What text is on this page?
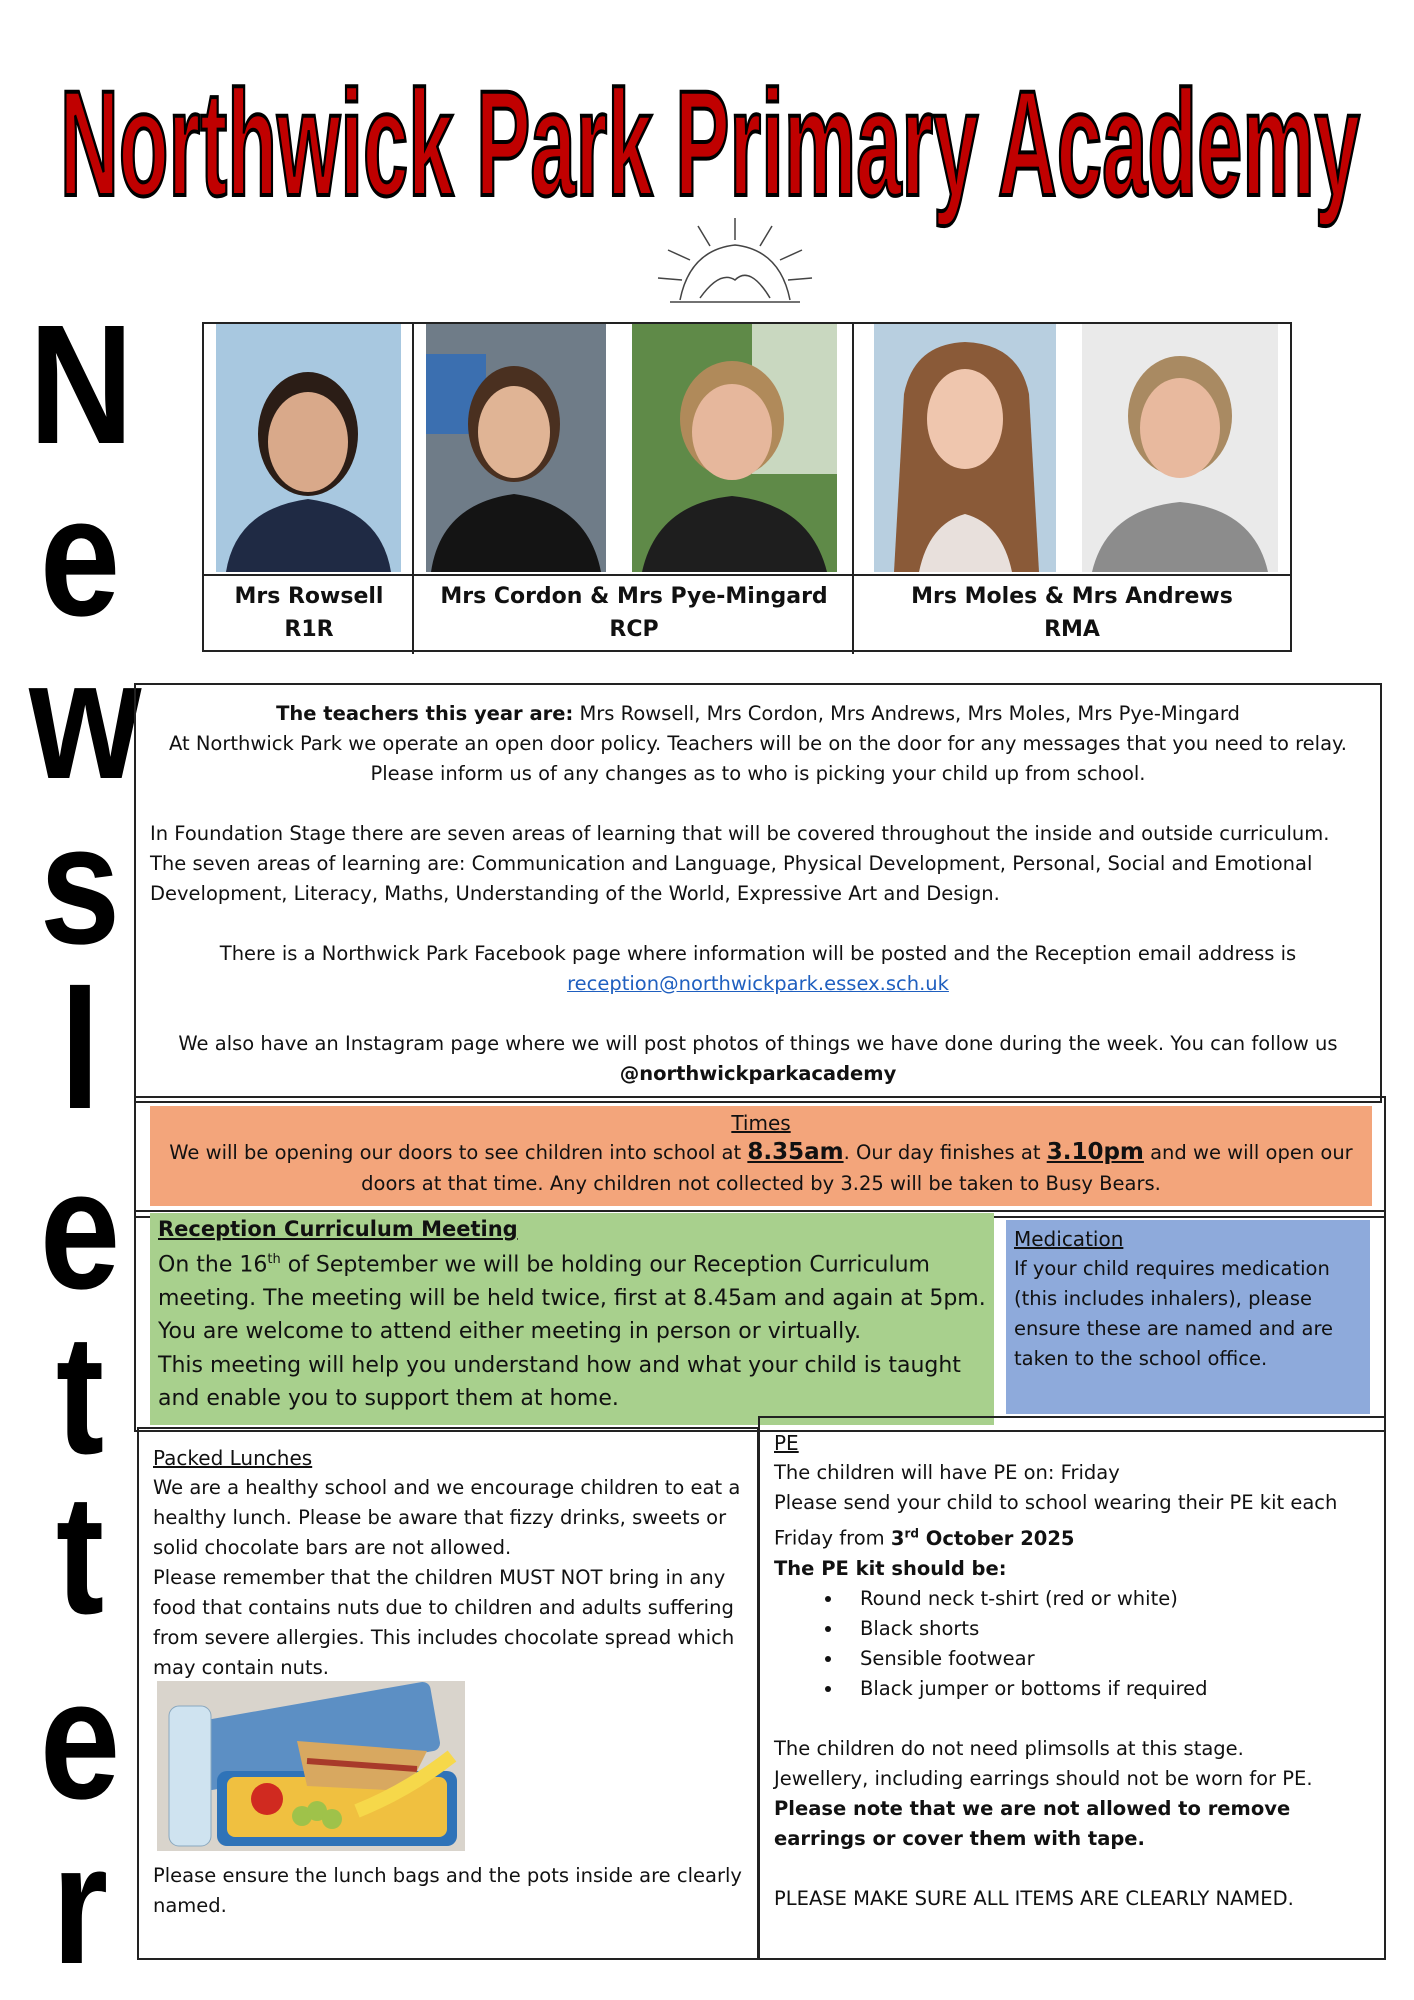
Northwick Park Primary Academy
N
e
w
s
l
e
t
t
e
r
Mrs Rowsell
R1R
Mrs Cordon & Mrs Pye-Mingard
RCP
Mrs Moles & Mrs Andrews
RMA

The teachers this year are: Mrs Rowsell, Mrs Cordon, Mrs Andrews, Mrs Moles, Mrs Pye-Mingard

At Northwick Park we operate an open door policy. Teachers will be on the door for any messages that you need to relay. Please inform us of any changes as to who is picking your child up from school.

In Foundation Stage there are seven areas of learning that will be covered throughout the inside and outside curriculum. The seven areas of learning are: Communication and Language, Physical Development, Personal, Social and Emotional Development, Literacy, Maths, Understanding of the World, Expressive Art and Design.

There is a Northwick Park Facebook page where information will be posted and the Reception email address is

reception@northwickpark.essex.sch.uk

We also have an Instagram page where we will post photos of things we have done during the week. You can follow us

@northwickparkacademy

Times
We will be opening our doors to see children into school at 8.35am. Our day finishes at 3.10pm and we will open our doors at that time. Any children not collected by 3.25 will be taken to Busy Bears.
Reception Curriculum Meeting
On the 16th of September we will be holding our Reception Curriculum meeting. The meeting will be held twice, first at 8.45am and again at 5pm. You are welcome to attend either meeting in person or virtually.
This meeting will help you understand how and what your child is taught and enable you to support them at home.
Medication
If your child requires medication (this includes inhalers), please ensure these are named and are taken to the school office.
Packed Lunches
We are a healthy school and we encourage children to eat a healthy lunch. Please be aware that fizzy drinks, sweets or solid chocolate bars are not allowed.
Please remember that the children MUST NOT bring in any food that contains nuts due to children and adults suffering from severe allergies. This includes chocolate spread which may contain nuts.
Please ensure the lunch bags and the pots inside are clearly named.
PE
The children will have PE on: Friday
Please send your child to school wearing their PE kit each Friday from 3rd October 2025
The PE kit should be:
• Round neck t-shirt (red or white)
• Black shorts
• Sensible footwear
• Black jumper or bottoms if required
The children do not need plimsolls at this stage.
Jewellery, including earrings should not be worn for PE.
Please note that we are not allowed to remove earrings or cover them with tape.
PLEASE MAKE SURE ALL ITEMS ARE CLEARLY NAMED.
